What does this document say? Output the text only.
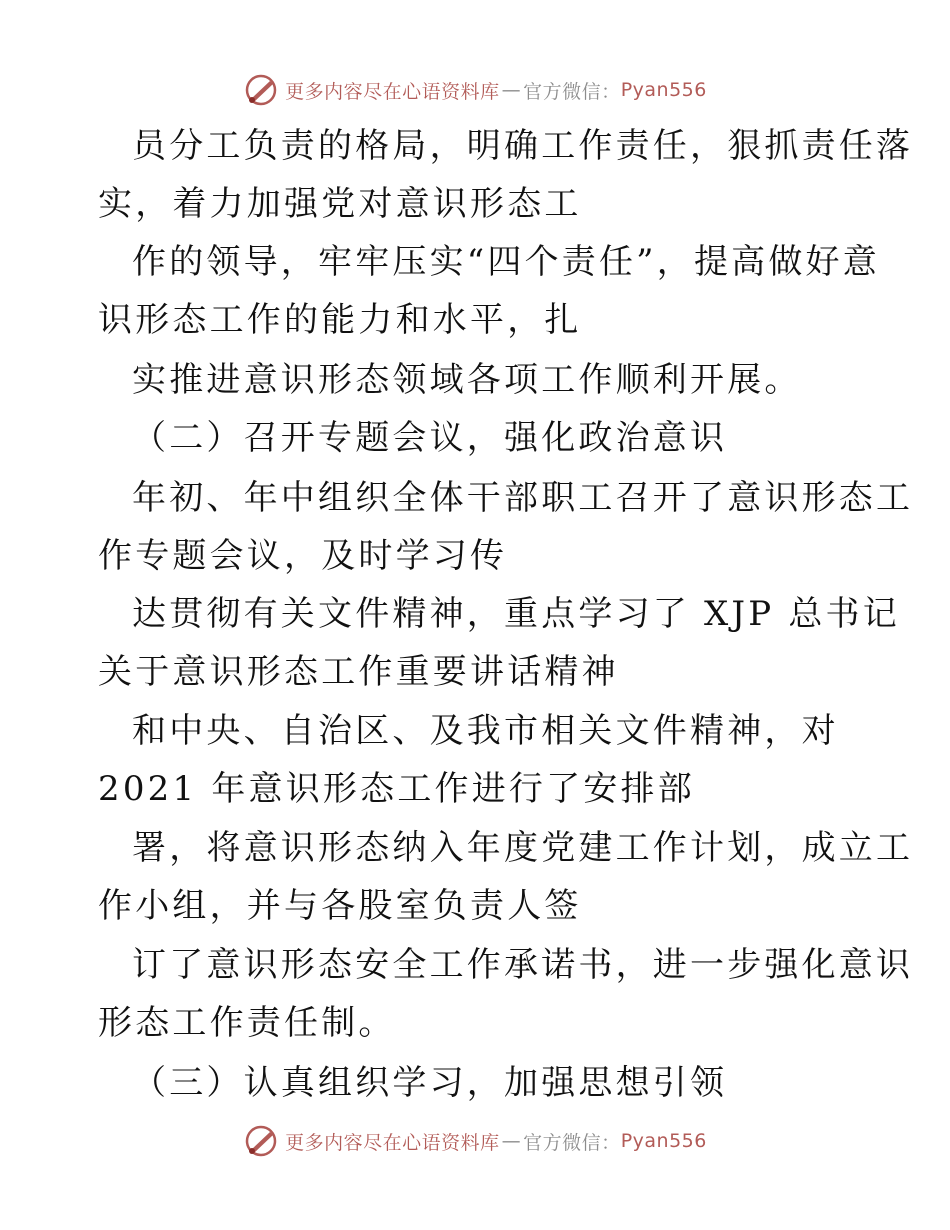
更多内容尽在心语资料库 — 官方微信： Pyan556
员分工负责的格局，明确工作责任，狠抓责任落
实，着力加强党对意识形态工
作的领导，牢牢压实“四个责任”，提高做好意
识形态工作的能力和水平，扎
实推进意识形态领域各项工作顺利开展。
（二）召开专题会议，强化政治意识
年初、年中组织全体干部职工召开了意识形态工
作专题会议，及时学习传
达贯彻有关文件精神，重点学习了 XJP 总书记
关于意识形态工作重要讲话精神
和中央、自治区、及我市相关文件精神，对
2021 年意识形态工作进行了安排部
署，将意识形态纳入年度党建工作计划，成立工
作小组，并与各股室负责人签
订了意识形态安全工作承诺书，进一步强化意识
形态工作责任制。
（三）认真组织学习，加强思想引领
更多内容尽在心语资料库 — 官方微信： Pyan556
